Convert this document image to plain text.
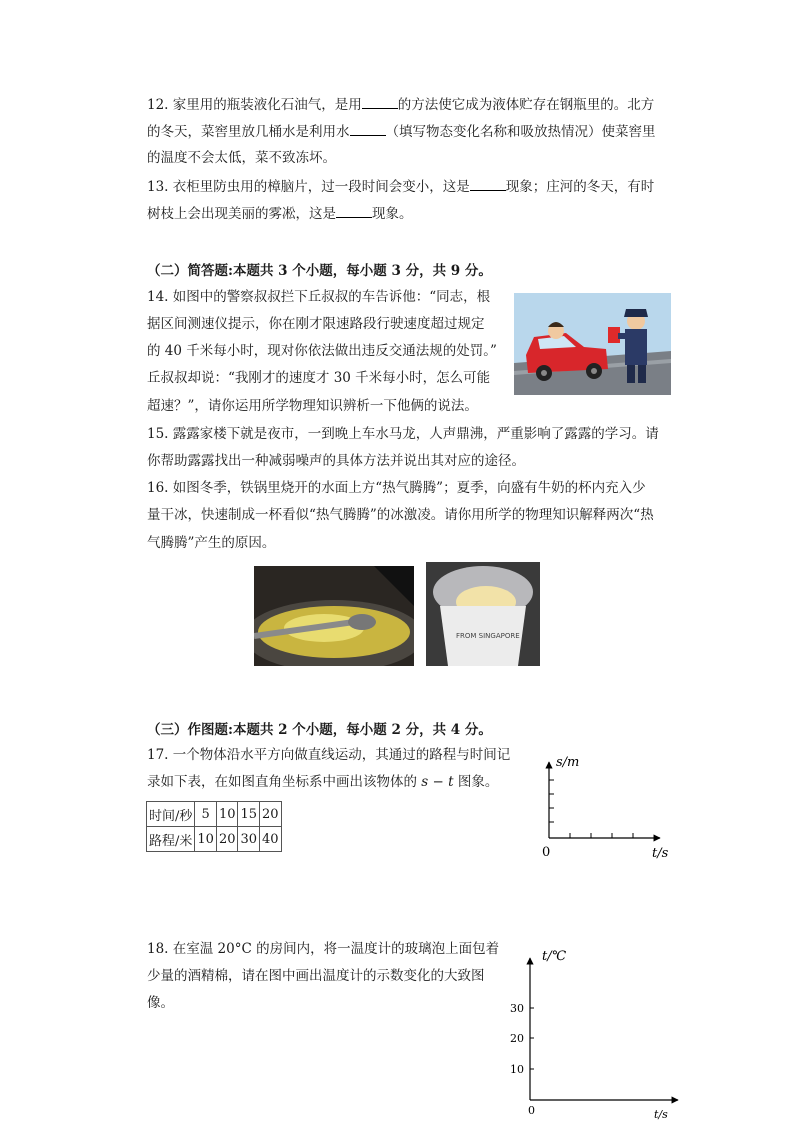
12. 家里用的瓶装液化石油气，是用	的方法使它成为液体贮存在钢瓶里的。北方
的冬天，菜窖里放几桶水是利用水	（填写物态变化名称和吸放热情况）使菜窖里
的温度不会太低，菜不致冻坏。
13. 衣柜里防虫用的樟脑片，过一段时间会变小，这是	现象；庄河的冬天，有时
树枝上会出现美丽的雾凇，这是	现象。
（二）简答题:本题共 3 个小题，每小题 3 分，共 9 分。
14. 如图中的警察叔叔拦下丘叔叔的车告诉他：“同志，根
据区间测速仪提示，你在刚才限速路段行驶速度超过规定
的 40 千米每小时，现对你依法做出违反交通法规的处罚。”
丘叔叔却说：“我刚才的速度才 30 千米每小时，怎么可能
超速？”，请你运用所学物理知识辨析一下他俩的说法。
15. 露露家楼下就是夜市，一到晚上车水马龙，人声鼎沸，严重影响了露露的学习。请
你帮助露露找出一种减弱噪声的具体方法并说出其对应的途径。
16. 如图冬季，铁锅里烧开的水面上方“热气腾腾”；夏季，向盛有牛奶的杯内充入少
量干冰，快速制成一杯看似“热气腾腾”的冰激凌。请你用所学的物理知识解释两次“热
气腾腾”产生的原因。
FROM SINGAPORE
（三）作图题:本题共 2 个小题，每小题 2 分，共 4 分。
17. 一个物体沿水平方向做直线运动，其通过的路程与时间记
录如下表，在如图直角坐标系中画出该物体的 s − t 图象。
时间/秒	5	10	15	20
路程/米	10	20	30	40
s/m
t/s
0
18. 在室温 20°C 的房间内，将一温度计的玻璃泡上面包着
少量的酒精棉，请在图中画出温度计的示数变化的大致图
像。	30
20
10
t/℃
t/s
0
